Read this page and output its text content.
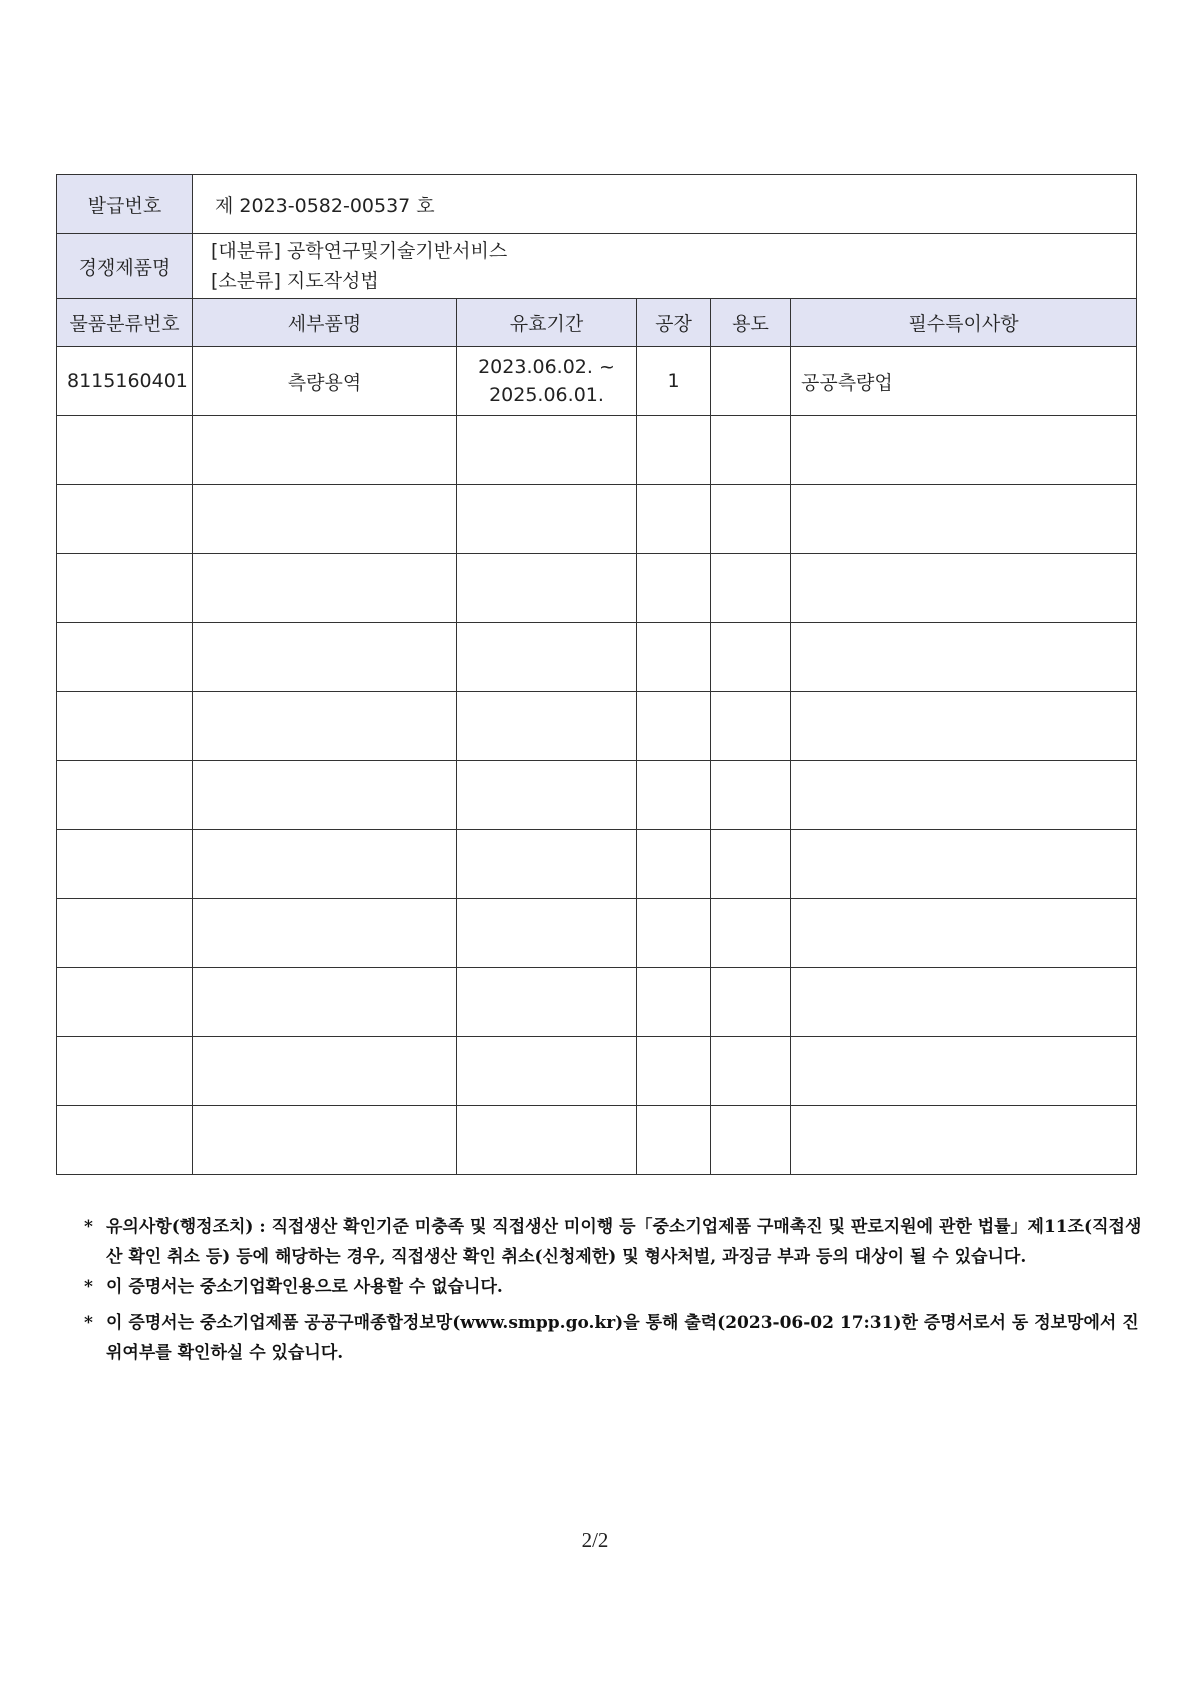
발급번호	제 2023-0582-00537 호				
경쟁제품명	[대분류] 공학연구및기술기반서비스
[소분류] 지도작성법				

물품분류번호	세부품명	유효기간	공장	용도	필수특이사항
8115160401	측량용역	2023.06.02. ~
2025.06.01.	1		공공측량업

* 유의사항(행정조치) : 직접생산 확인기준 미충족 및 직접생산 미이행 등「중소기업제품 구매촉진 및 판로지원에 관한 법률」제11조(직접생산 확인 취소 등) 등에 해당하는 경우, 직접생산 확인 취소(신청제한) 및 형사처벌, 과징금 부과 등의 대상이 될 수 있습니다.
* 이 증명서는 중소기업확인용으로 사용할 수 없습니다.
* 이 증명서는 중소기업제품 공공구매종합정보망(www.smpp.go.kr)을 통해 출력(2023-06-02 17:31)한 증명서로서 동 정보망에서 진위여부를 확인하실 수 있습니다.
2/2
